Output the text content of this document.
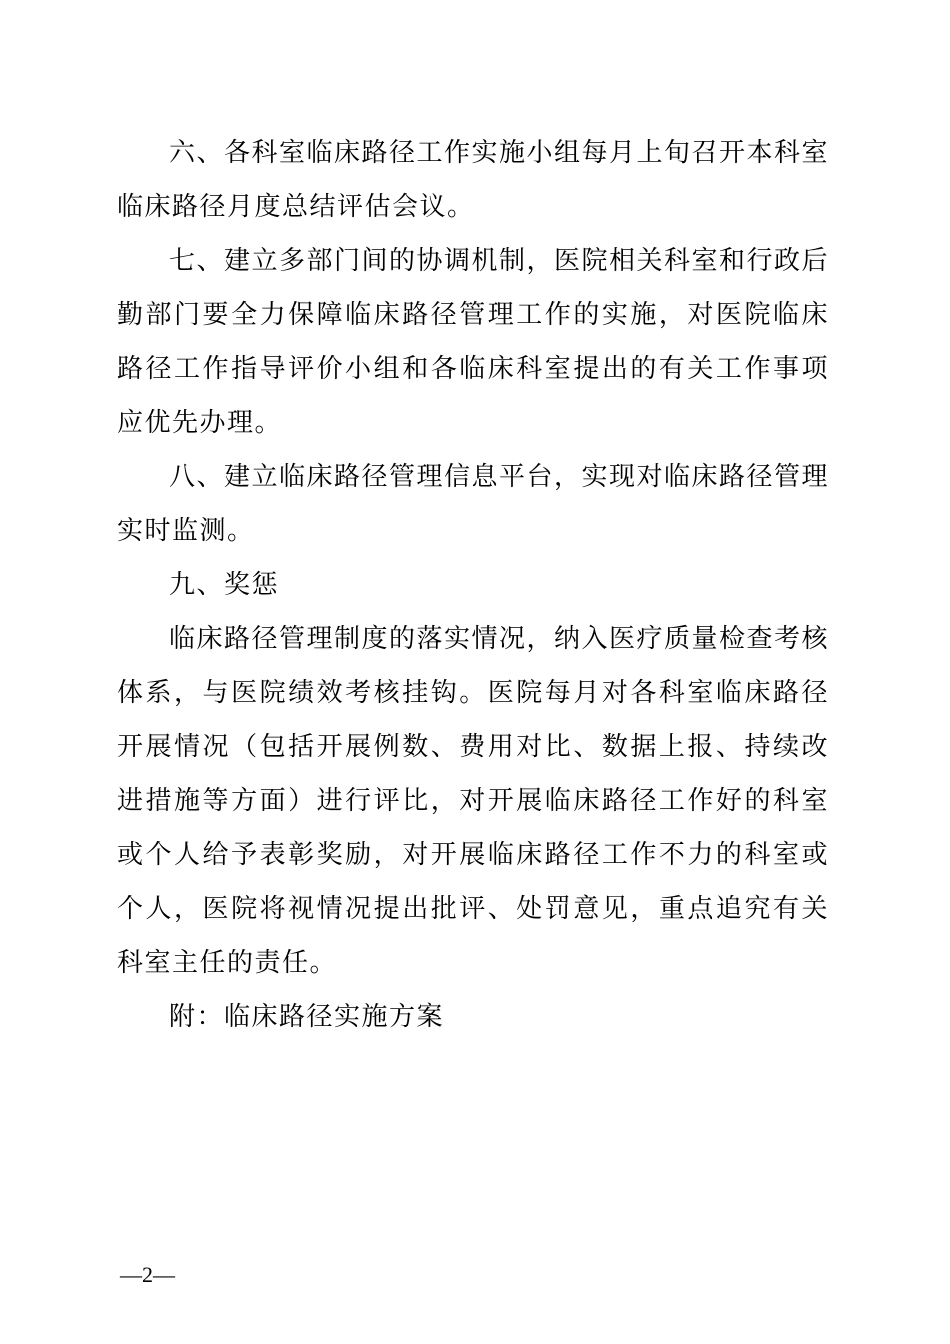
六、各科室临床路径工作实施小组每月上旬召开本科室临床路径月度总结评估会议。

七、建立多部门间的协调机制，医院相关科室和行政后勤部门要全力保障临床路径管理工作的实施，对医院临床路径工作指导评价小组和各临床科室提出的有关工作事项应优先办理。

八、建立临床路径管理信息平台，实现对临床路径管理实时监测。

九、奖惩

临床路径管理制度的落实情况，纳入医疗质量检查考核体系，与医院绩效考核挂钩。医院每月对各科室临床路径开展情况（包括开展例数、费用对比、数据上报、持续改进措施等方面）进行评比，对开展临床路径工作好的科室或个人给予表彰奖励，对开展临床路径工作不力的科室或个人，医院将视情况提出批评、处罚意见，重点追究有关科室主任的责任。

附：临床路径实施方案

—2—
